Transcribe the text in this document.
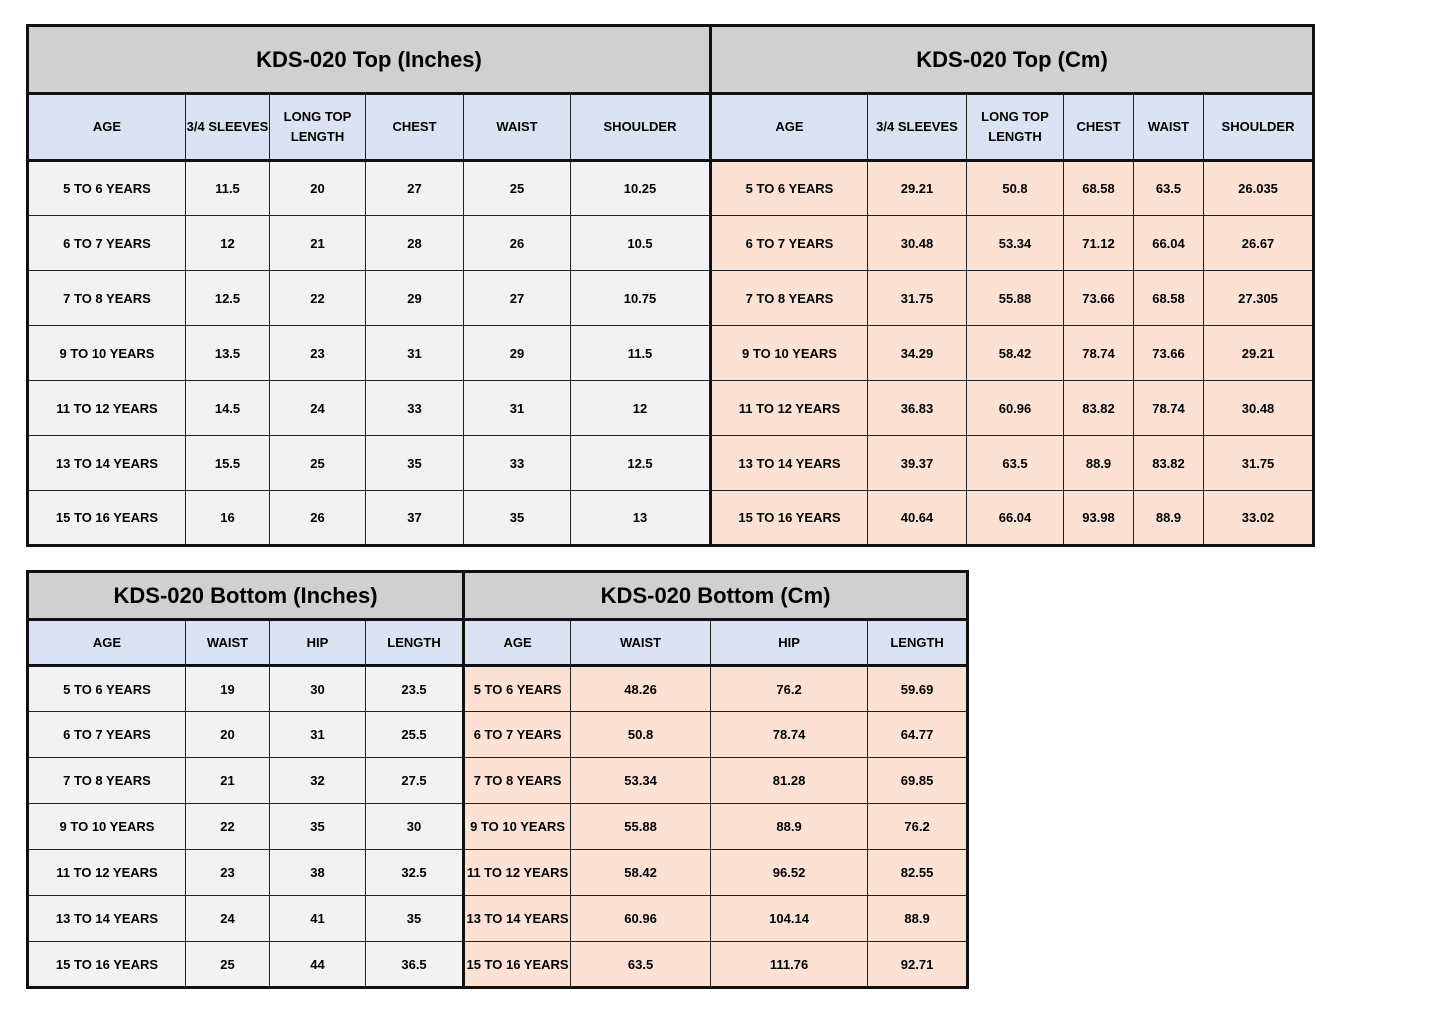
KDS-020 Top (Inches)						KDS-020 Top (Cm)					
AGE	3/4 SLEEVES	LONG TOP LENGTH	CHEST	WAIST	SHOULDER	AGE	3/4 SLEEVES	LONG TOP LENGTH	CHEST	WAIST	SHOULDER
5 TO 6 YEARS	11.5	20	27	25	10.25	5 TO 6 YEARS	29.21	50.8	68.58	63.5	26.035
6 TO 7 YEARS	12	21	28	26	10.5	6 TO 7 YEARS	30.48	53.34	71.12	66.04	26.67
7 TO 8 YEARS	12.5	22	29	27	10.75	7 TO 8 YEARS	31.75	55.88	73.66	68.58	27.305
9 TO 10 YEARS	13.5	23	31	29	11.5	9 TO 10 YEARS	34.29	58.42	78.74	73.66	29.21
11 TO 12 YEARS	14.5	24	33	31	12	11 TO 12 YEARS	36.83	60.96	83.82	78.74	30.48
13 TO 14 YEARS	15.5	25	35	33	12.5	13 TO 14 YEARS	39.37	63.5	88.9	83.82	31.75
15 TO 16 YEARS	16	26	37	35	13	15 TO 16 YEARS	40.64	66.04	93.98	88.9	33.02
KDS-020 Bottom (Inches)				KDS-020 Bottom (Cm)			
AGE	WAIST	HIP	LENGTH	AGE	WAIST	HIP	LENGTH
5 TO 6 YEARS	19	30	23.5	5 TO 6 YEARS	48.26	76.2	59.69
6 TO 7 YEARS	20	31	25.5	6 TO 7 YEARS	50.8	78.74	64.77
7 TO 8 YEARS	21	32	27.5	7 TO 8 YEARS	53.34	81.28	69.85
9 TO 10 YEARS	22	35	30	9 TO 10 YEARS	55.88	88.9	76.2
11 TO 12 YEARS	23	38	32.5	11 TO 12 YEARS	58.42	96.52	82.55
13 TO 14 YEARS	24	41	35	13 TO 14 YEARS	60.96	104.14	88.9
15 TO 16 YEARS	25	44	36.5	15 TO 16 YEARS	63.5	111.76	92.71
